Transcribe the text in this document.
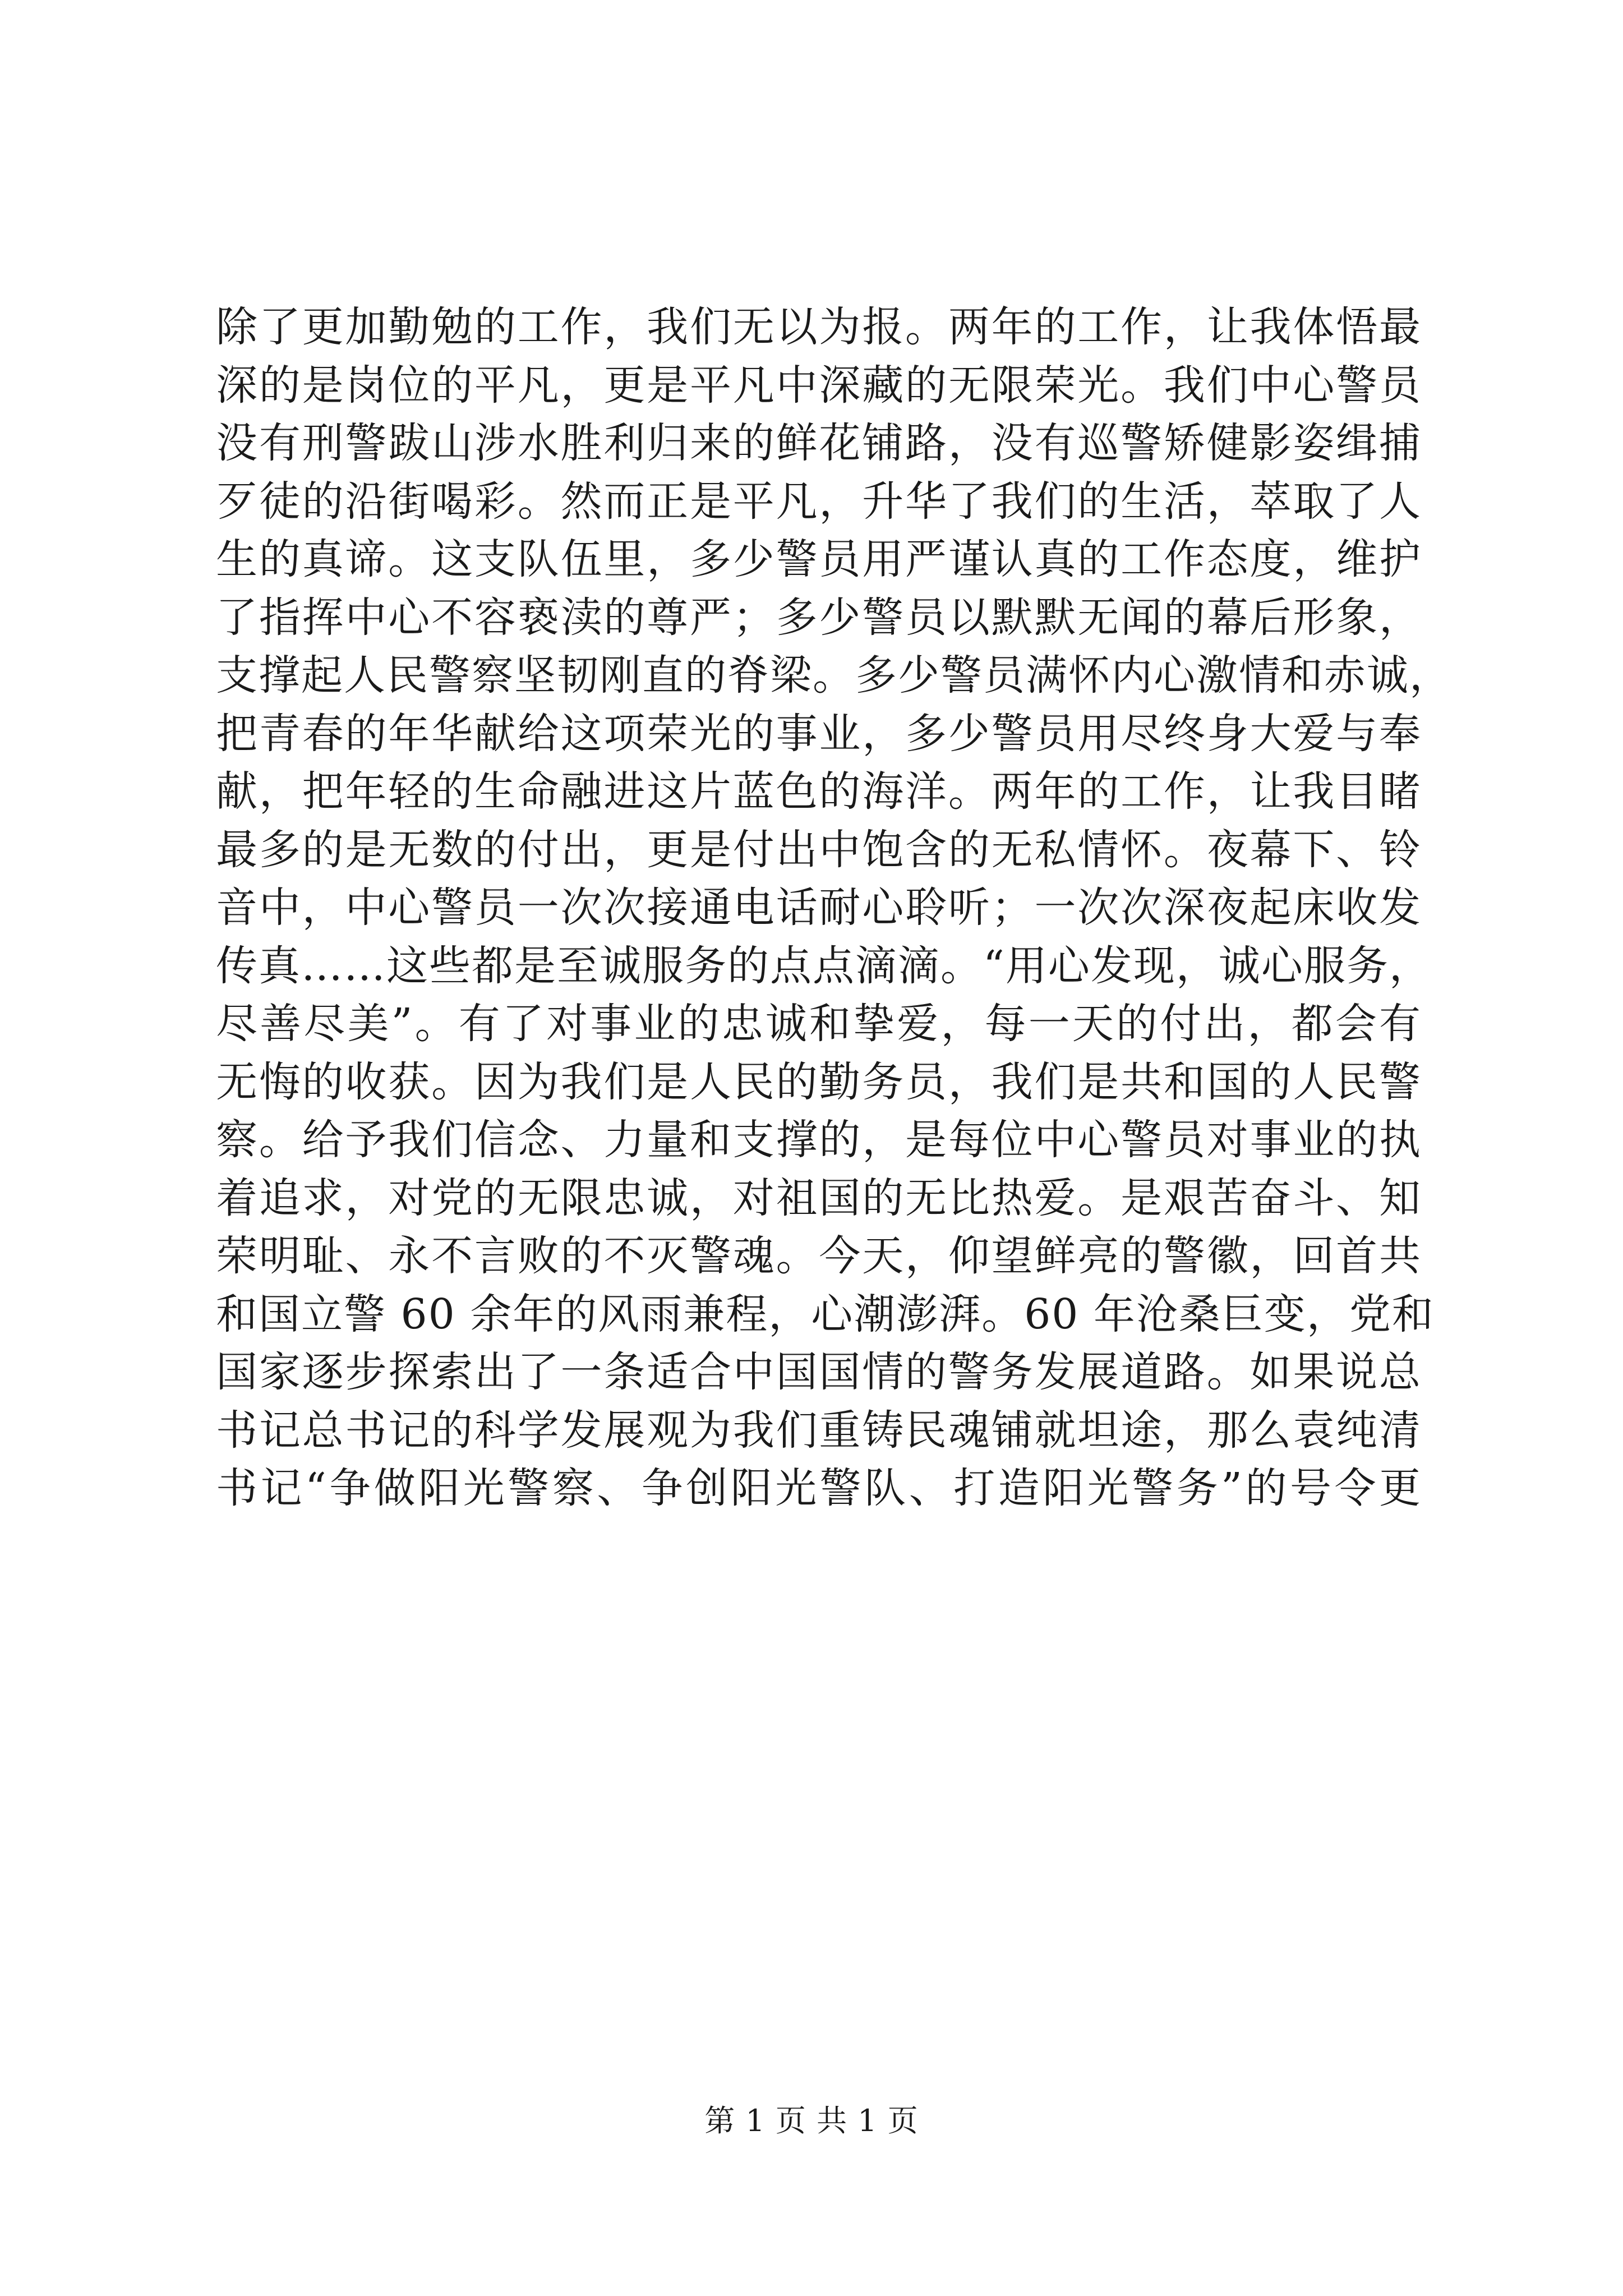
除了更加勤勉的工作，我们无以为报。两年的工作，让我体悟最
深的是岗位的平凡，更是平凡中深藏的无限荣光。我们中心警员
没有刑警跋山涉水胜利归来的鲜花铺路，没有巡警矫健影姿缉捕
歹徒的沿街喝彩。然而正是平凡，升华了我们的生活，萃取了人
生的真谛。这支队伍里，多少警员用严谨认真的工作态度，维护
了指挥中心不容亵渎的尊严；多少警员以默默无闻的幕后形象，
支撑起人民警察坚韧刚直的脊梁。多少警员满怀内心激情和赤诚，
把青春的年华献给这项荣光的事业，多少警员用尽终身大爱与奉
献，把年轻的生命融进这片蓝色的海洋。两年的工作，让我目睹
最多的是无数的付出，更是付出中饱含的无私情怀。夜幕下、铃
音中，中心警员一次次接通电话耐心聆听；一次次深夜起床收发
传真……这些都是至诚服务的点点滴滴。“用心发现，诚心服务，
尽善尽美”。有了对事业的忠诚和挚爱，每一天的付出，都会有
无悔的收获。因为我们是人民的勤务员，我们是共和国的人民警
察。给予我们信念、力量和支撑的，是每位中心警员对事业的执
着追求，对党的无限忠诚，对祖国的无比热爱。是艰苦奋斗、知
荣明耻、永不言败的不灭警魂。今天，仰望鲜亮的警徽，回首共
和国立警 60 余年的风雨兼程，心潮澎湃。60 年沧桑巨变，党和
国家逐步探索出了一条适合中国国情的警务发展道路。如果说总
书记总书记的科学发展观为我们重铸民魂铺就坦途，那么袁纯清
书记“争做阳光警察、争创阳光警队、打造阳光警务”的号令更
第 1 页 共 1 页
